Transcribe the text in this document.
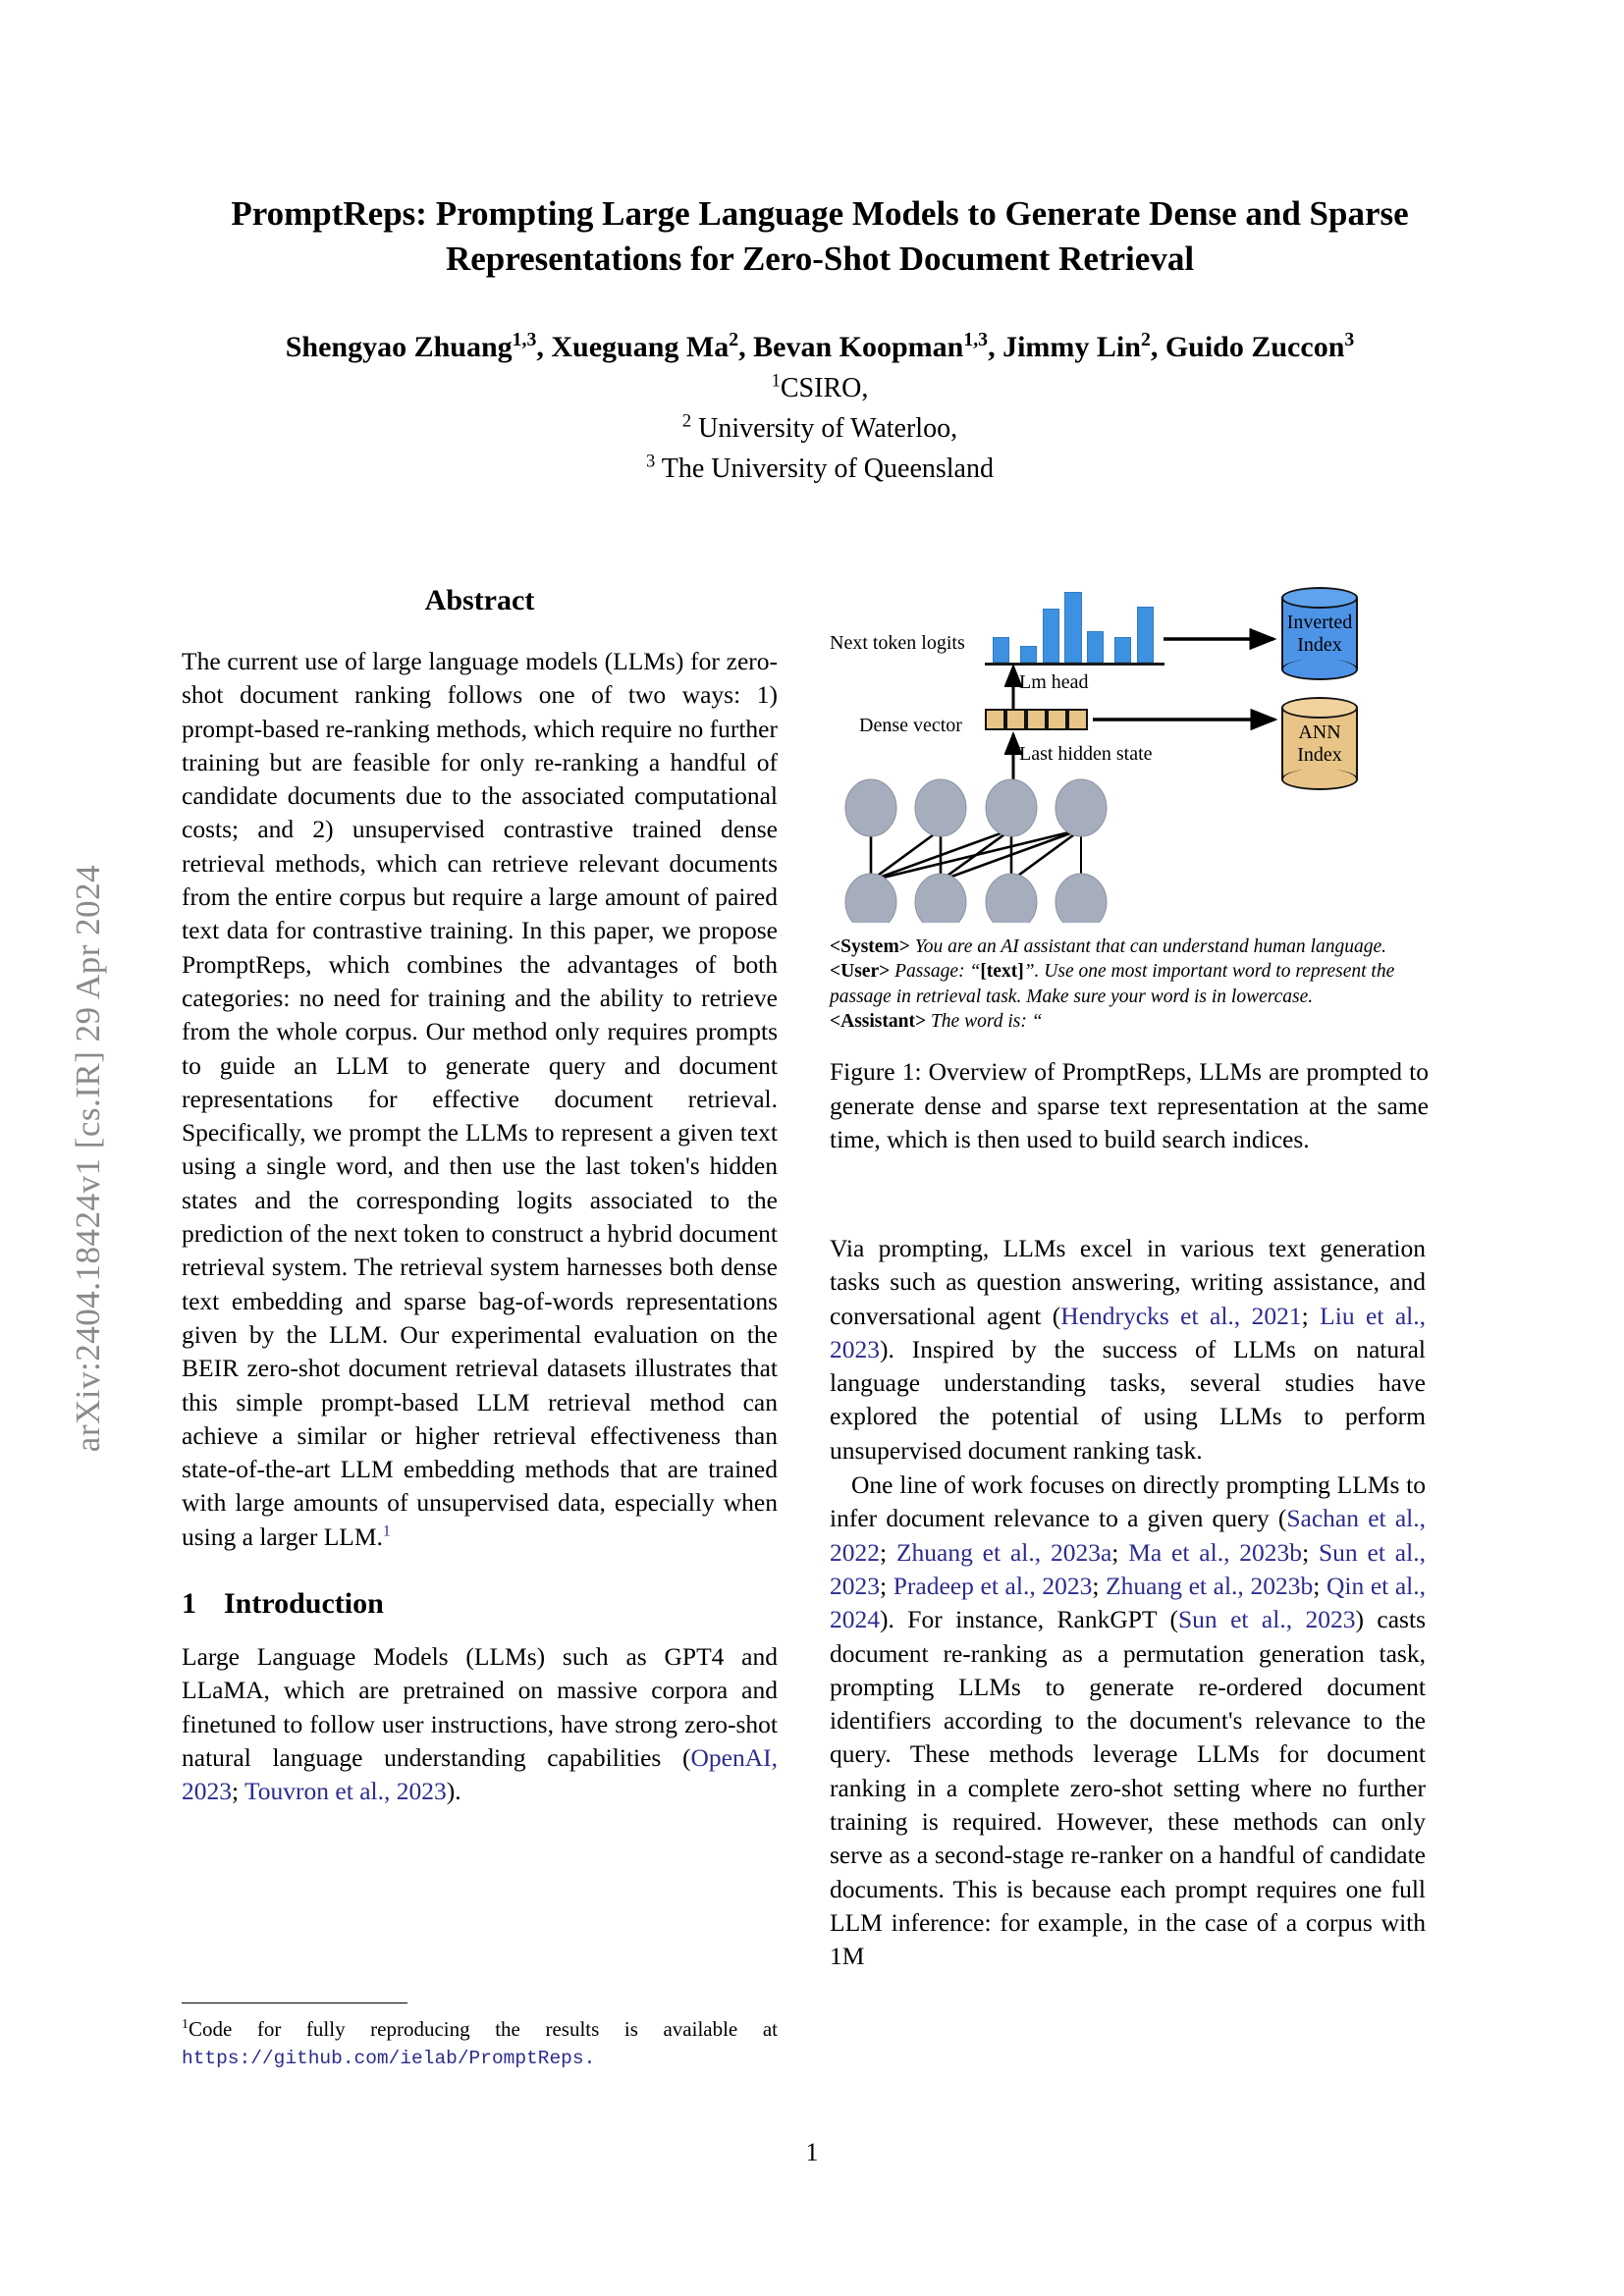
arXiv:2404.18424v1 [cs.IR] 29 Apr 2024
PromptReps: Prompting Large Language Models to Generate Dense and Sparse Representations for Zero-Shot Document Retrieval
Shengyao Zhuang$^{1,3}$, Xueguang Ma$^2$, Bevan Koopman$^{1,3}$, Jimmy Lin$^2$, Guido Zuccon$^3$
$^1$CSIRO,
$^2$ University of Waterloo,
$^3$ The University of Queensland
Abstract

The current use of large language models (LLMs) for zero-shot document ranking follows one of two ways: 1) prompt-based re-ranking methods, which require no further training but are feasible for only re-ranking a handful of candidate documents due to the associated computational costs; and 2) unsupervised contrastive trained dense retrieval methods, which can retrieve relevant documents from the entire corpus but require a large amount of paired text data for contrastive training. In this paper, we propose PromptReps, which combines the advantages of both categories: no need for training and the ability to retrieve from the whole corpus. Our method only requires prompts to guide an LLM to generate query and document representations for effective document retrieval. Specifically, we prompt the LLMs to represent a given text using a single word, and then use the last token's hidden states and the corresponding logits associated to the prediction of the next token to construct a hybrid document retrieval system. The retrieval system harnesses both dense text embedding and sparse bag-of-words representations given by the LLM. Our experimental evaluation on the BEIR zero-shot document retrieval datasets illustrates that this simple prompt-based LLM retrieval method can achieve a similar or higher retrieval effectiveness than state-of-the-art LLM embedding methods that are trained with large amounts of unsupervised data, especially when using a larger LLM.$^1$

1 Introduction

Large Language Models (LLMs) such as GPT4 and LLaMA, which are pretrained on massive corpora and finetuned to follow user instructions, have strong zero-shot natural language understanding capabilities (OpenAI, 2023; Touvron et al., 2023).

$^1$Code for fully reproducing the results is available at https://github.com/ielab/PromptReps.

Next token logits
Lm head
Dense vector
Last hidden state
Inverted
Index
ANN
Index
<System> You are an AI assistant that can understand human language.
<User> Passage: “[text]”. Use one most important word to represent the passage in retrieval task. Make sure your word is in lowercase.
<Assistant> The word is: “
Figure 1: Overview of PromptReps, LLMs are prompted to generate dense and sparse text representation at the same time, which is then used to build search indices.

Via prompting, LLMs excel in various text generation tasks such as question answering, writing assistance, and conversational agent (Hendrycks et al., 2021; Liu et al., 2023). Inspired by the success of LLMs on natural language understanding tasks, several studies have explored the potential of using LLMs to perform unsupervised document ranking task.

One line of work focuses on directly prompting LLMs to infer document relevance to a given query (Sachan et al., 2022; Zhuang et al., 2023a; Ma et al., 2023b; Sun et al., 2023; Pradeep et al., 2023; Zhuang et al., 2023b; Qin et al., 2024). For instance, RankGPT (Sun et al., 2023) casts document re-ranking as a permutation generation task, prompting LLMs to generate re-ordered document identifiers according to the document's relevance to the query. These methods leverage LLMs for document ranking in a complete zero-shot setting where no further training is required. However, these methods can only serve as a second-stage re-ranker on a handful of candidate documents. This is because each prompt requires one full LLM inference: for example, in the case of a corpus with 1M

1
